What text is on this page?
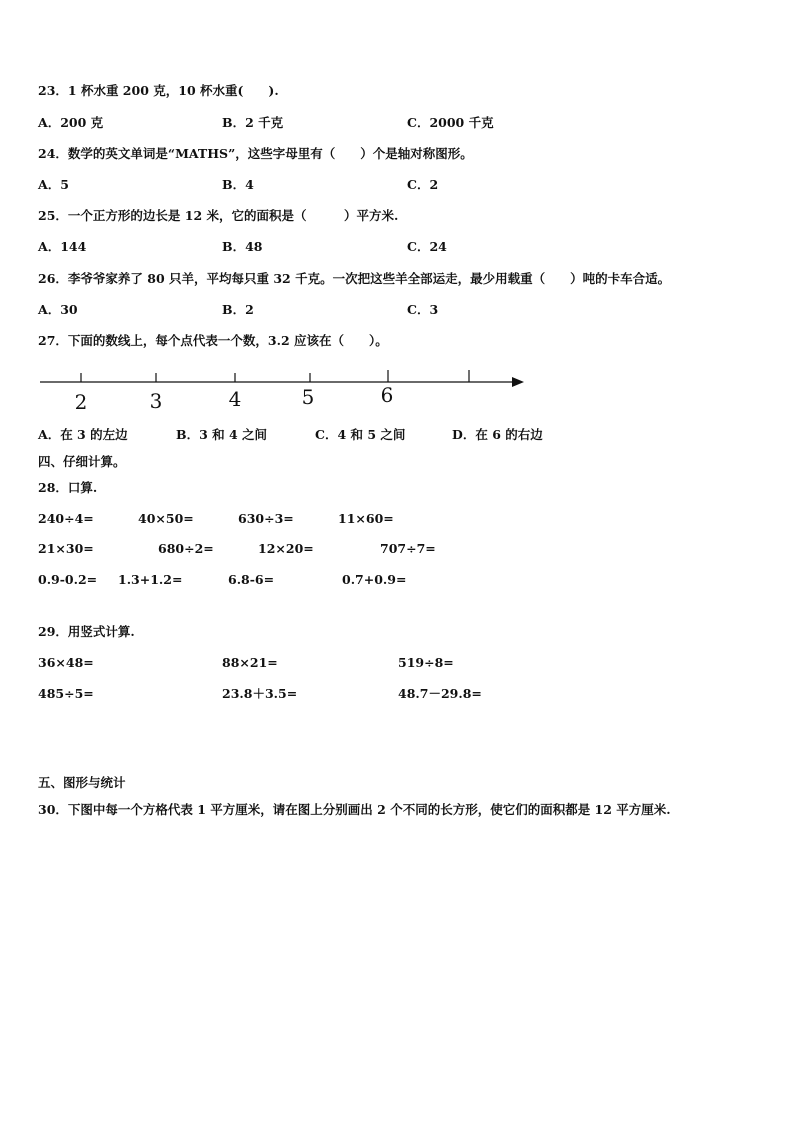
23．1 杯水重 200 克，10 杯水重(　　).
A．200 克	B．2 千克	C．2000 千克
24．数学的英文单词是“MATHS”，这些字母里有（　　）个是轴对称图形。
A．5	B．4	C．2
25．一个正方形的边长是 12 米，它的面积是（　　　）平方米.
A．144	B．48	C．24
26．李爷爷家养了 80 只羊，平均每只重 32 千克。一次把这些羊全部运走，最少用载重（　　）吨的卡车合适。
A．30	B．2	C．3
27．下面的数线上，每个点代表一个数，3.2 应该在（　　）。
2	3	4	5	6
A．在 3 的左边	B．3 和 4 之间	C．4 和 5 之间	D．在 6 的右边
四、仔细计算。
28．口算.
240÷4=	40×50=	630÷3=	11×60=
21×30=	680÷2=	12×20=	707÷7=
0.9-0.2= 1.3+1.2=	6.8-6=	0.7+0.9=
29．用竖式计算.
36×48=	88×21=	519÷8=
485÷5=	23.8＋3.5=	48.7－29.8=
五、图形与统计
30．下图中每一个方格代表 1 平方厘米，请在图上分别画出 2 个不同的长方形，使它们的面积都是 12 平方厘米.
